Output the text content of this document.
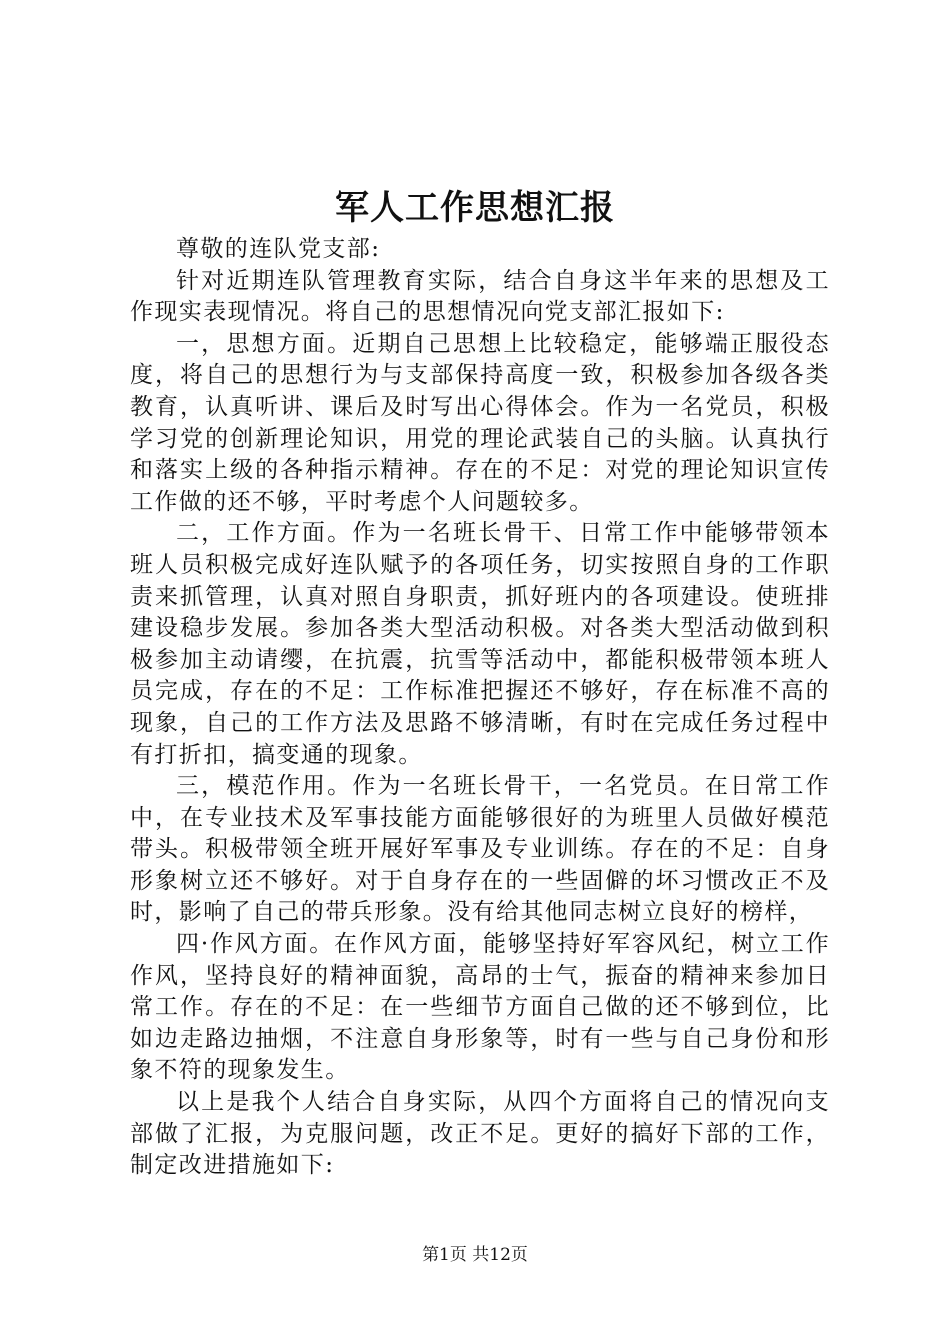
军人工作思想汇报

尊敬的连队党支部:

针对近期连队管理教育实际，结合自身这半年来的思想及工作现实表现情况。将自己的思想情况向党支部汇报如下:

一，思想方面。近期自己思想上比较稳定，能够端正服役态度，将自己的思想行为与支部保持高度一致，积极参加各级各类教育，认真听讲、课后及时写出心得体会。作为一名党员，积极学习党的创新理论知识，用党的理论武装自己的头脑。认真执行和落实上级的各种指示精神。存在的不足：对党的理论知识宣传工作做的还不够，平时考虑个人问题较多。

二，工作方面。作为一名班长骨干、日常工作中能够带领本班人员积极完成好连队赋予的各项任务，切实按照自身的工作职责来抓管理，认真对照自身职责，抓好班内的各项建设。使班排建设稳步发展。参加各类大型活动积极。对各类大型活动做到积极参加主动请缨，在抗震，抗雪等活动中，都能积极带领本班人员完成，存在的不足：工作标准把握还不够好，存在标准不高的现象，自己的工作方法及思路不够清晰，有时在完成任务过程中有打折扣，搞变通的现象。

三，模范作用。作为一名班长骨干，一名党员。在日常工作中，在专业技术及军事技能方面能够很好的为班里人员做好模范带头。积极带领全班开展好军事及专业训练。存在的不足：自身形象树立还不够好。对于自身存在的一些固僻的坏习惯改正不及时，影响了自己的带兵形象。没有给其他同志树立良好的榜样，

四·作风方面。在作风方面，能够坚持好军容风纪，树立工作作风，坚持良好的精神面貌，高昂的士气，振奋的精神来参加日常工作。存在的不足：在一些细节方面自己做的还不够到位，比如边走路边抽烟，不注意自身形象等，时有一些与自己身份和形象不符的现象发生。

以上是我个人结合自身实际，从四个方面将自己的情况向支部做了汇报，为克服问题，改正不足。更好的搞好下部的工作，制定改进措施如下:

第1页 共12页
